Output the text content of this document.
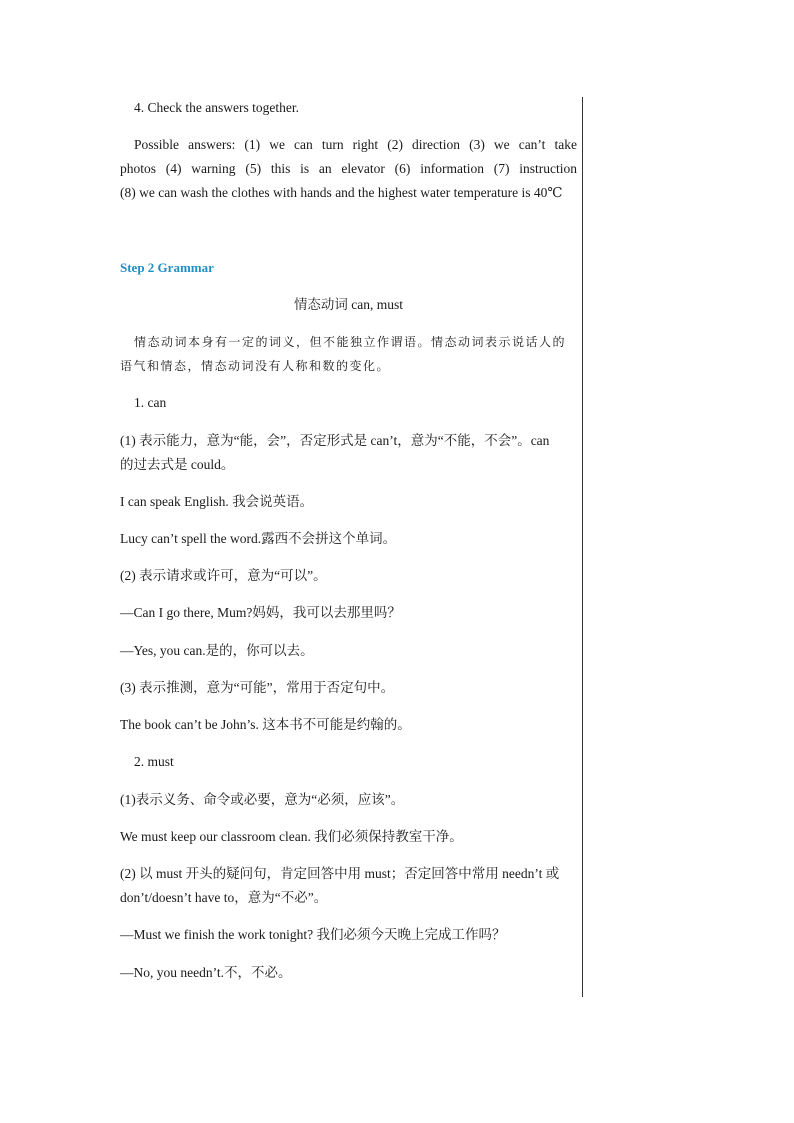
4. Check the answers together.
Possible answers: (1) we can turn right (2) direction (3) we can’t take
photos (4) warning (5) this is an elevator (6) information (7) instruction
(8) we can wash the clothes with hands and the highest water temperature is 40℃
Step 2 Grammar
情态动词 can, must
情态动词本身有一定的词义，但不能独立作谓语。情态动词表示说话人的
语气和情态，情态动词没有人称和数的变化。
1. can
(1) 表示能力，意为“能，会”，否定形式是 can’t，意为“不能，不会”。can
的过去式是 could。
I can speak English. 我会说英语。
Lucy can’t spell the word.露西不会拼这个单词。
(2) 表示请求或许可，意为“可以”。
—Can I go there, Mum?妈妈，我可以去那里吗？
—Yes, you can.是的，你可以去。
(3) 表示推测，意为“可能”，常用于否定句中。
The book can’t be John’s. 这本书不可能是约翰的。
2. must
(1)表示义务、命令或必要，意为“必须，应该”。
We must keep our classroom clean. 我们必须保持教室干净。
(2) 以 must 开头的疑问句，肯定回答中用 must；否定回答中常用 needn’t 或
don’t/doesn’t have to，意为“不必”。
—Must we finish the work tonight? 我们必须今天晚上完成工作吗？
—No, you needn’t.不，不必。
